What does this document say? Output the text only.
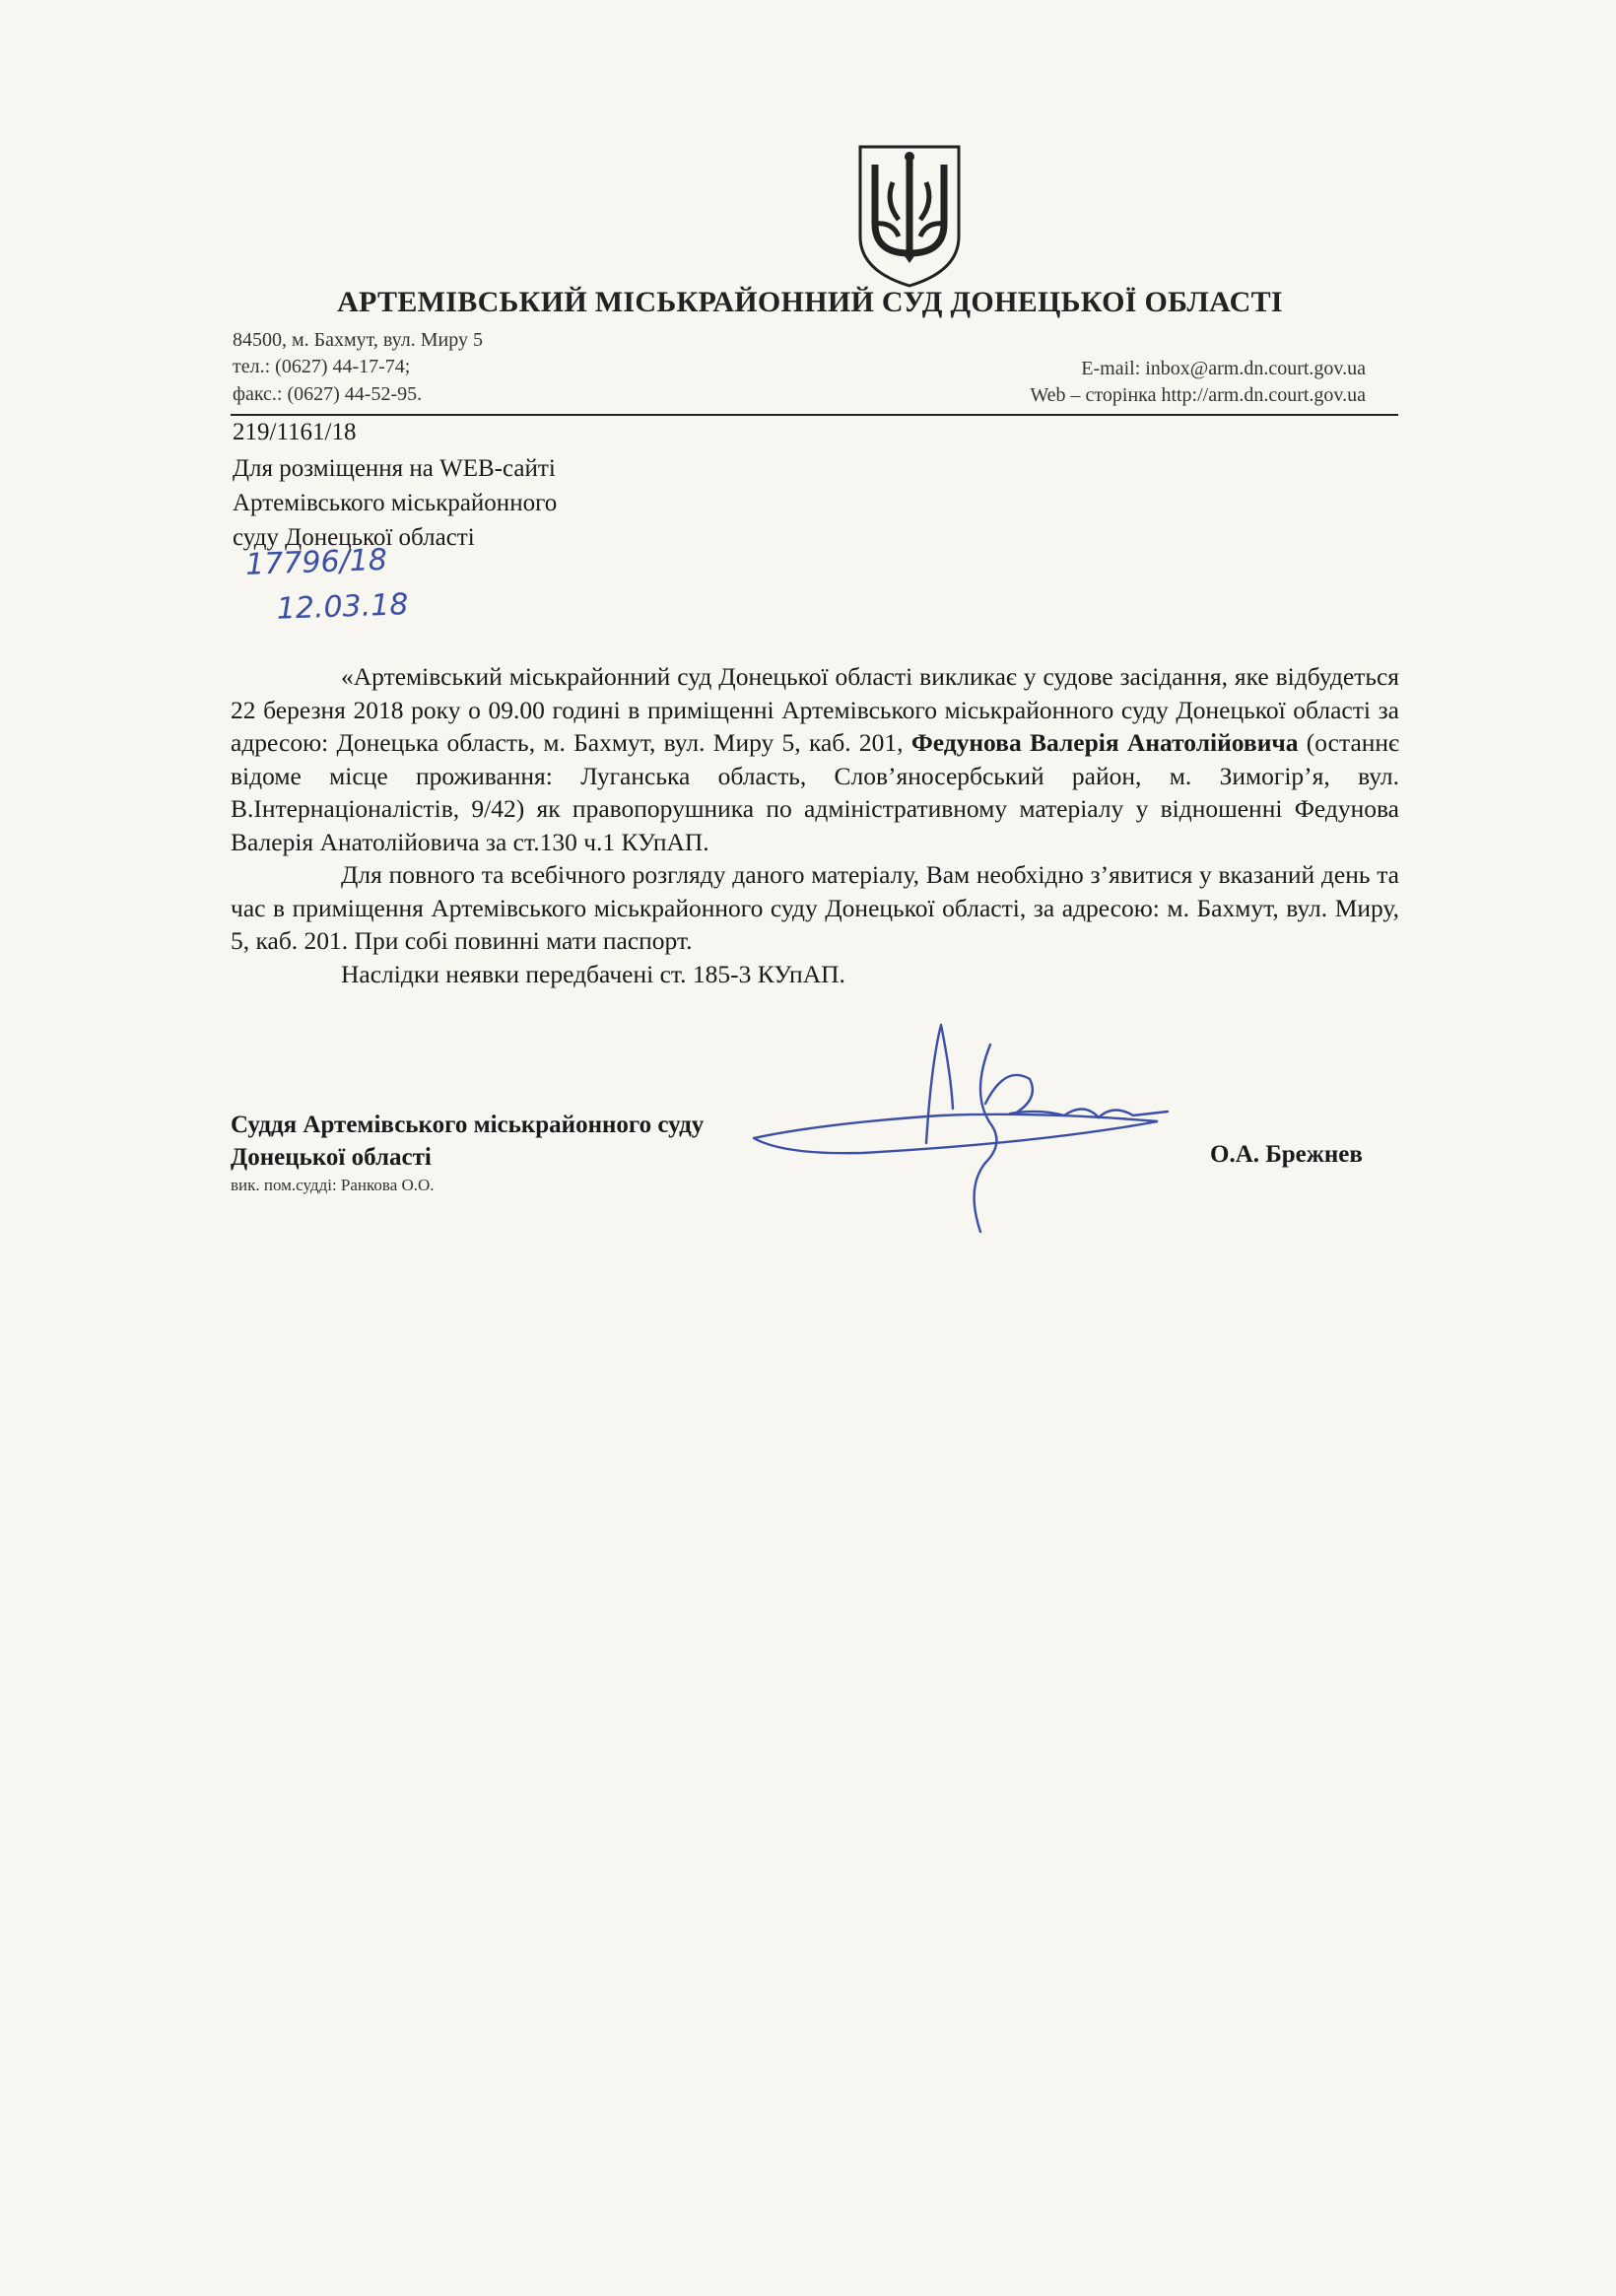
АРТЕМІВСЬКИЙ МІСЬКРАЙОННИЙ СУД ДОНЕЦЬКОЇ ОБЛАСТІ
84500, м. Бахмут, вул. Миру 5
тел.: (0627) 44-17-74;
факс.: (0627) 44-52-95.
E-mail: inbox@arm.dn.court.gov.ua
Web – сторінка http://arm.dn.court.gov.ua
219/1161/18
Для розміщення на WEB-сайті
Артемівського міськрайонного
суду Донецької області
17796/18
12.03.18

«Артемівський міськрайонний суд Донецької області викликає у судове засідання, яке відбудеться 22 березня 2018 року о 09.00 годині в приміщенні Артемівського міськрайонного суду Донецької області за адресою: Донецька область, м. Бахмут, вул. Миру 5, каб. 201, Федунова Валерія Анатолійовича (останнє відоме місце проживання: Луганська область, Слов’яносербський район, м. Зимогір’я, вул. В.Інтернаціоналістів, 9/42) як правопорушника по адміністративному матеріалу у відношенні Федунова Валерія Анатолійовича за ст.130 ч.1 КУпАП.

Для повного та всебічного розгляду даного матеріалу, Вам необхідно з’явитися у вказаний день та час в приміщення Артемівського міськрайонного суду Донецької області, за адресою: м. Бахмут, вул. Миру, 5, каб. 201. При собі повинні мати паспорт.

Наслідки неявки передбачені ст. 185-3 КУпАП.

Суддя Артемівського міськрайонного суду
Донецької області
вик. пом.судді: Ранкова О.О.
О.А. Брежнев
